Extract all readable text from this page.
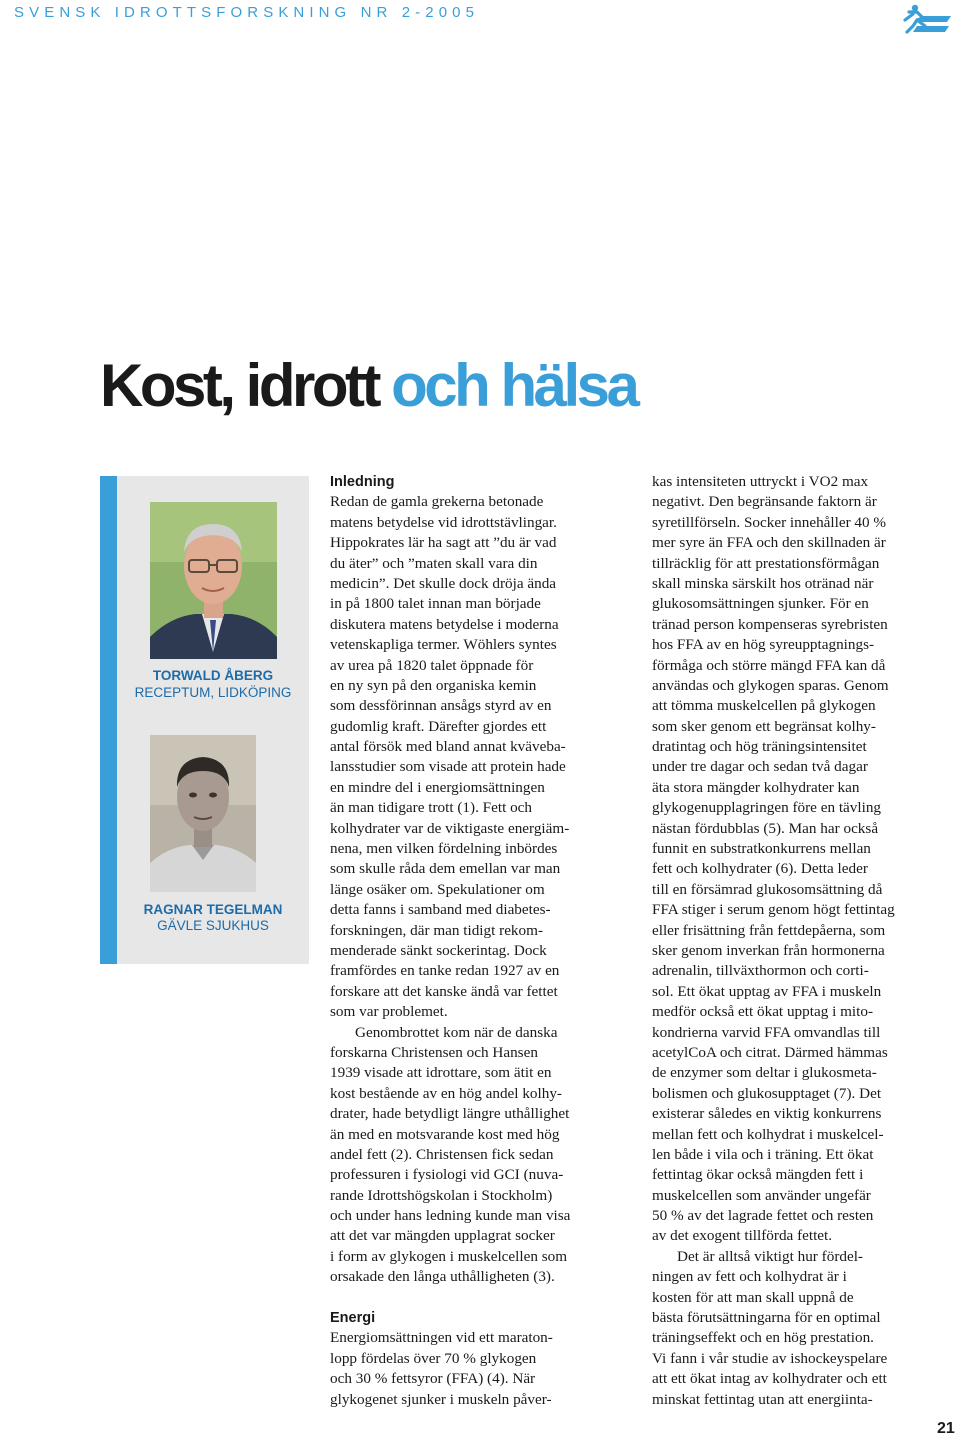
SVENSK IDROTTSFORSKNING NR 2-2005
Kost, idrott och hälsa
TORWALD ÅBERG
RECEPTUM, LIDKÖPING
RAGNAR TEGELMAN
GÄVLE SJUKHUS
Inledning
Redan de gamla grekerna betonade
matens betydelse vid idrottstävlingar.
Hippokrates lär ha sagt att ”du är vad
du äter” och ”maten skall vara din
medicin”. Det skulle dock dröja ända
in på 1800 talet innan man började
diskutera matens betydelse i moderna
vetenskapliga termer. Wöhlers syntes
av urea på 1820 talet öppnade för
en ny syn på den organiska kemin
som dessförinnan ansågs styrd av en
gudomlig kraft. Därefter gjordes ett
antal försök med bland annat kväveba-
lansstudier som visade att protein hade
en mindre del i energiomsättningen
än man tidigare trott (1). Fett och
kolhydrater var de viktigaste energiäm-
nena, men vilken fördelning inbördes
som skulle råda dem emellan var man
länge osäker om. Spekulationer om
detta fanns i samband med diabetes-
forskningen, där man tidigt rekom-
menderade sänkt sockerintag. Dock
framfördes en tanke redan 1927 av en
forskare att det kanske ändå var fettet
som var problemet.
Genombrottet kom när de danska
forskarna Christensen och Hansen
1939 visade att idrottare, som ätit en
kost bestående av en hög andel kolhy-
drater, hade betydligt längre uthållighet
än med en motsvarande kost med hög
andel fett (2). Christensen fick sedan
professuren i fysiologi vid GCI (nuva-
rande Idrottshögskolan i Stockholm)
och under hans ledning kunde man visa
att det var mängden upplagrat socker
i form av glykogen i muskelcellen som
orsakade den långa uthålligheten (3).
Energi
Energiomsättningen vid ett maraton-
lopp fördelas över 70 % glykogen
och 30 % fettsyror (FFA) (4). När
glykogenet sjunker i muskeln påver-
kas intensiteten uttryckt i VO2 max
negativt. Den begränsande faktorn är
syretillförseln. Socker innehåller 40 %
mer syre än FFA och den skillnaden är
tillräcklig för att prestationsförmågan
skall minska särskilt hos otränad när
glukosomsättningen sjunker. För en
tränad person kompenseras syrebristen
hos FFA av en hög syreupptagnings-
förmåga och större mängd FFA kan då
användas och glykogen sparas. Genom
att tömma muskelcellen på glykogen
som sker genom ett begränsat kolhy-
dratintag och hög träningsintensitet
under tre dagar och sedan två dagar
äta stora mängder kolhydrater kan
glykogenupplagringen före en tävling
nästan fördubblas (5). Man har också
funnit en substratkonkurrens mellan
fett och kolhydrater (6). Detta leder
till en försämrad glukosomsättning då
FFA stiger i serum genom högt fettintag
eller frisättning från fettdepåerna, som
sker genom inverkan från hormonerna
adrenalin, tillväxthormon och corti-
sol. Ett ökat upptag av FFA i muskeln
medför också ett ökat upptag i mito-
kondrierna varvid FFA omvandlas till
acetylCoA och citrat. Därmed hämmas
de enzymer som deltar i glukosmeta-
bolismen och glukosupptaget (7). Det
existerar således en viktig konkurrens
mellan fett och kolhydrat i muskelcel-
len både i vila och i träning. Ett ökat
fettintag ökar också mängden fett i
muskelcellen som använder ungefär
50 % av det lagrade fettet och resten
av det exogent tillförda fettet.
Det är alltså viktigt hur fördel-
ningen av fett och kolhydrat är i
kosten för att man skall uppnå de
bästa förutsättningarna för en optimal
träningseffekt och en hög prestation.
Vi fann i vår studie av ishockeyspelare
att ett ökat intag av kolhydrater och ett
minskat fettintag utan att energiinta-
21
